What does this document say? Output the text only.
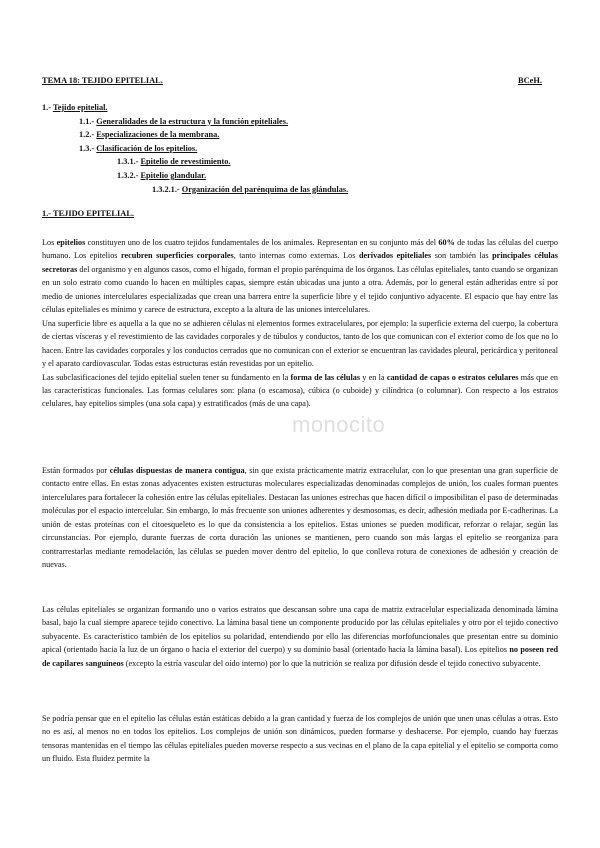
TEMA 18: TEJIDO EPITELIAL.	BCeH.
1.- Tejido epitelial.
1.1.- Generalidades de la estructura y la función epiteliales.
1.2.- Especializaciones de la membrana.
1.3.- Clasificación de los epitelios.
1.3.1.- Epitelio de revestimiento.
1.3.2.- Epitelio glandular.
1.3.2.1.- Organización del parénquima de las glándulas.
1.- TEJIDO EPITELIAL.

Los epitelios constituyen uno de los cuatro tejidos fundamentales de los animales. Representan en su conjunto más del 60% de todas las células del cuerpo humano. Los epitelios recubren superficies corporales, tanto internas como externas. Los derivados epiteliales son también las principales células secretoras del organismo y en algunos casos, como el hígado, forman el propio parénquima de los órganos. Las células epiteliales, tanto cuando se organizan en un solo estrato como cuando lo hacen en múltiples capas, siempre están ubicadas una junto a otra. Además, por lo general están adheridas entre sí por medio de uniones intercelulares especializadas que crean una barrera entre la superficie libre y el tejido conjuntivo adyacente. El espacio que hay entre las células epiteliales es mínimo y carece de estructura, excepto a la altura de las uniones intercelulares.

Una superficie libre es aquella a la que no se adhieren células ni elementos formes extracelulares, por ejemplo: la superficie externa del cuerpo, la cobertura de ciertas vísceras y el revestimiento de las cavidades corporales y de túbulos y conductos, tanto de los que comunican con el exterior como de los que no lo hacen. Entre las cavidades corporales y los conductos cerrados que no comunican con el exterior se encuentran las cavidades pleural, pericárdica y peritoneal y el aparato cardiovascular. Todas estas estructuras están revestidas por un epitelio.

Las subclasificaciones del tejido epitelial suelen tener su fundamento en la forma de las células y en la cantidad de capas o estratos celulares más que en las características funcionales. Las formas celulares son: plana (o escamosa), cúbica (o cuboide) y cilíndrica (o columnar). Con respecto a los estratos celulares, hay epitelios simples (una sola capa) y estratificados (más de una capa).

monocito

Están formados por células dispuestas de manera contigua, sin que exista prácticamente matriz extracelular, con lo que presentan una gran superficie de contacto entre ellas. En estas zonas adyacentes existen estructuras moleculares especializadas denominadas complejos de unión, los cuales forman puentes intercelulares para fortalecer la cohesión entre las células epiteliales. Destacan las uniones estrechas que hacen difícil o imposibilitan el paso de determinadas moléculas por el espacio intercelular. Sin embargo, lo más frecuente son uniones adherentes y desmosomas, es decir, adhesión mediada por E-cadherinas. La unión de estas proteínas con el citoesqueleto es lo que da consistencia a los epitelios. Estas uniones se pueden modificar, reforzar o relajar, según las circunstancias. Por ejemplo, durante fuerzas de corta duración las uniones se mantienen, pero cuando son más largas el epitelio se reorganiza para contrarrestarlas mediante remodelación, las células se pueden mover dentro del epitelio, lo que conlleva rotura de conexiones de adhesión y creación de nuevas.

Las células epiteliales se organizan formando uno o varios estratos que descansan sobre una capa de matriz extracelular especializada denominada lámina basal, bajo la cual siempre aparece tejido conectivo. La lámina basal tiene un componente producido por las células epiteliales y otro por el tejido conectivo subyacente. Es característico también de los epitelios su polaridad, entendiendo por ello las diferencias morfofuncionales que presentan entre su dominio apical (orientado hacia la luz de un órgano o hacia el exterior del cuerpo) y su dominio basal (orientado hacia la lámina basal). Los epitelios no poseen red de capilares sanguíneos (excepto la estría vascular del oído interno) por lo que la nutrición se realiza por difusión desde el tejido conectivo subyacente.

Se podría pensar que en el epitelio las células están estáticas debido a la gran cantidad y fuerza de los complejos de unión que unen unas células a otras. Esto no es así, al menos no en todos los epitelios. Los complejos de unión son dinámicos, pueden formarse y deshacerse. Por ejemplo, cuando hay fuerzas tensoras mantenidas en el tiempo las células epiteliales pueden moverse respecto a sus vecinas en el plano de la capa epitelial y el epitelio se comporta como un fluido. Esta fluidez permite la
